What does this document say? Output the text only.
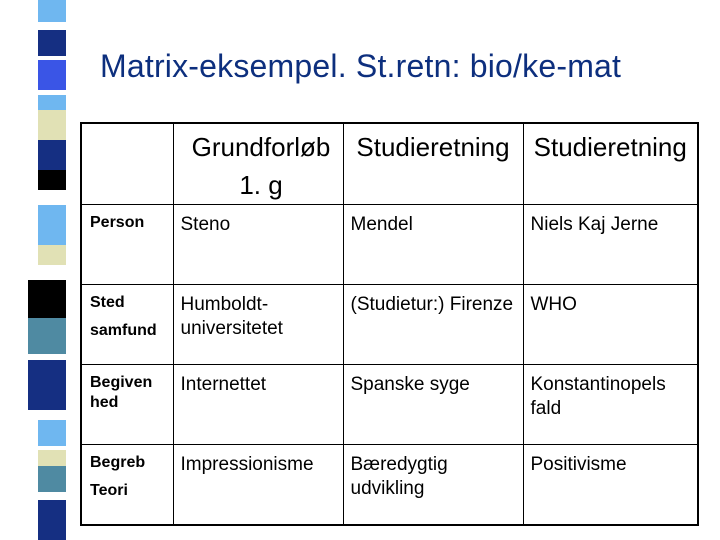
Matrix-eksempel. St.retn: bio/ke-mat
	Grundforløb 1. g	Studieretning	Studieretning
Person	Steno	Mendel	Niels Kaj Jerne
Sted samfund	Humboldt-universitetet	(Studietur:) Firenze	WHO
Begiven hed	Internettet	Spanske syge	Konstantinopels fald
Begreb Teori	Impressionisme	Bæredygtig udvikling	Positivisme
